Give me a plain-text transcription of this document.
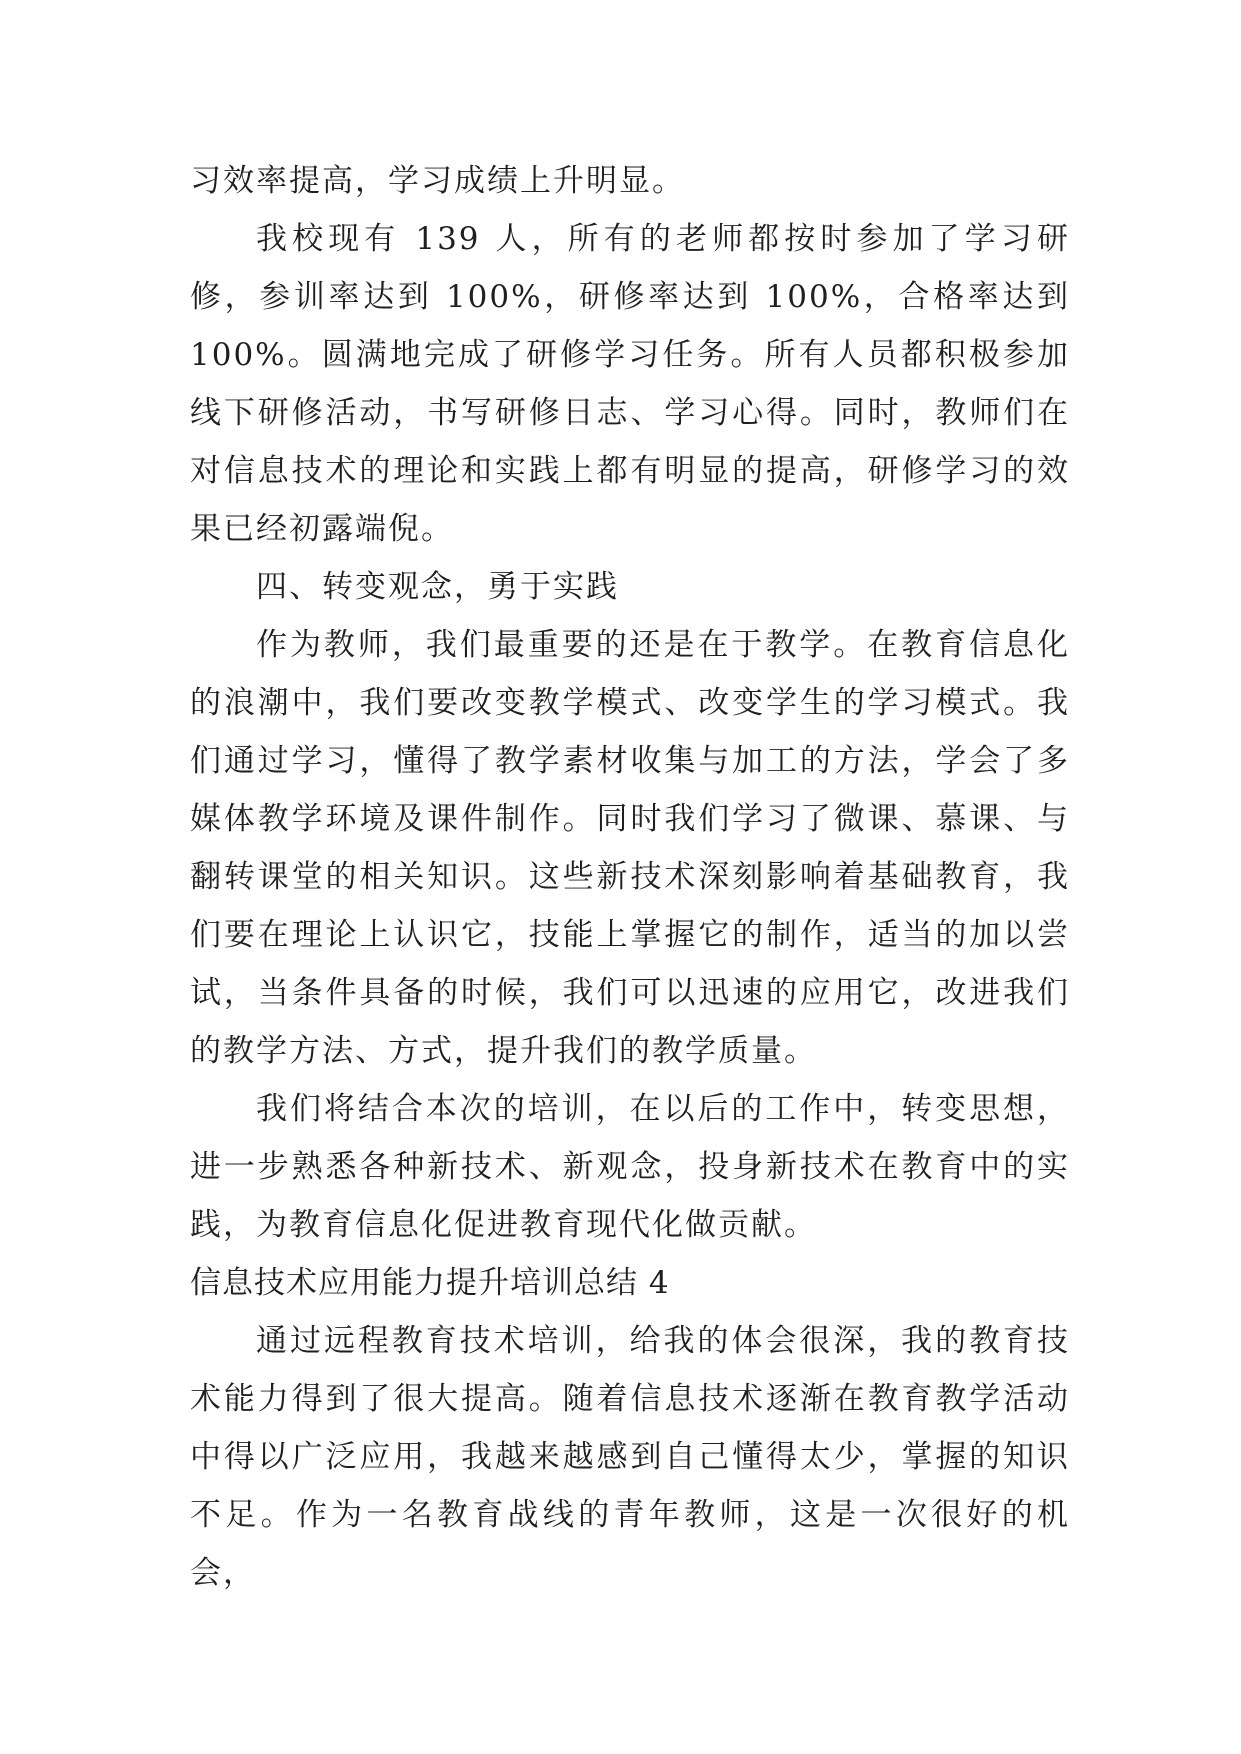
习效率提高，学习成绩上升明显。

我校现有 139 人，所有的老师都按时参加了学习研修，参训率达到 100%，研修率达到 100%，合格率达到 100%。圆满地完成了研修学习任务。所有人员都积极参加线下研修活动，书写研修日志、学习心得。同时，教师们在对信息技术的理论和实践上都有明显的提高，研修学习的效果已经初露端倪。

四、转变观念，勇于实践

作为教师，我们最重要的还是在于教学。在教育信息化的浪潮中，我们要改变教学模式、改变学生的学习模式。我们通过学习，懂得了教学素材收集与加工的方法，学会了多媒体教学环境及课件制作。同时我们学习了微课、慕课、与翻转课堂的相关知识。这些新技术深刻影响着基础教育，我们要在理论上认识它，技能上掌握它的制作，适当的加以尝试，当条件具备的时候，我们可以迅速的应用它，改进我们的教学方法、方式，提升我们的教学质量。

我们将结合本次的培训，在以后的工作中，转变思想，进一步熟悉各种新技术、新观念，投身新技术在教育中的实践，为教育信息化促进教育现代化做贡献。

信息技术应用能力提升培训总结 4

通过远程教育技术培训，给我的体会很深，我的教育技术能力得到了很大提高。随着信息技术逐渐在教育教学活动中得以广泛应用，我越来越感到自己懂得太少，掌握的知识不足。作为一名教育战线的青年教师，这是一次很好的机会，
